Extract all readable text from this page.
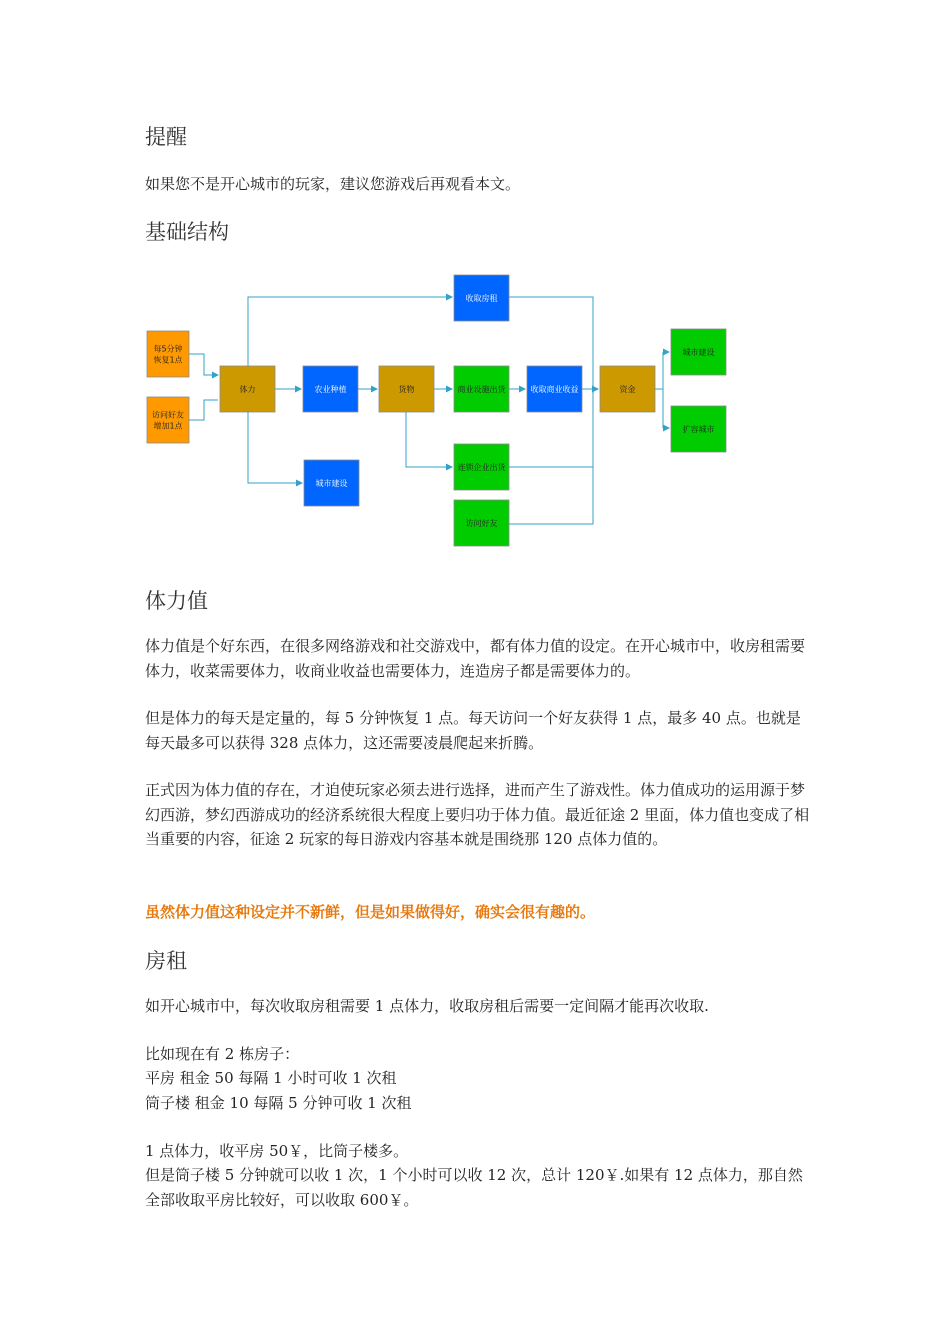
提醒

如果您不是开心城市的玩家，建议您游戏后再观看本文。

基础结构
每5分钟
恢复1点
访问好友
增加1点
体力	农业种植	货物
收取房租
商业设施出货	收取商业收益	资金
城市建设
连锁企业出货
访问好友
城市建设
扩容城市
体力值

体力值是个好东西，在很多网络游戏和社交游戏中，都有体力值的设定。在开心城市中，收房租需要体力，收菜需要体力，收商业收益也需要体力，连造房子都是需要体力的。

但是体力的每天是定量的，每 5 分钟恢复 1 点。每天访问一个好友获得 1 点，最多 40 点。也就是每天最多可以获得 328 点体力，这还需要凌晨爬起来折腾。

正式因为体力值的存在，才迫使玩家必须去进行选择，进而产生了游戏性。体力值成功的运用源于梦幻西游，梦幻西游成功的经济系统很大程度上要归功于体力值。最近征途 2 里面，体力值也变成了相当重要的内容，征途 2 玩家的每日游戏内容基本就是围绕那 120 点体力值的。

虽然体力值这种设定并不新鲜，但是如果做得好，确实会很有趣的。

房租

如开心城市中，每次收取房租需要 1 点体力，收取房租后需要一定间隔才能再次收取.

比如现在有 2 栋房子：

平房 租金 50 每隔 1 小时可收 1 次租

筒子楼 租金 10 每隔 5 分钟可收 1 次租

1 点体力，收平房 50￥，比筒子楼多。

但是筒子楼 5 分钟就可以收 1 次，1 个小时可以收 12 次，总计 120￥.如果有 12 点体力，那自然全部收取平房比较好，可以收取 600￥。
